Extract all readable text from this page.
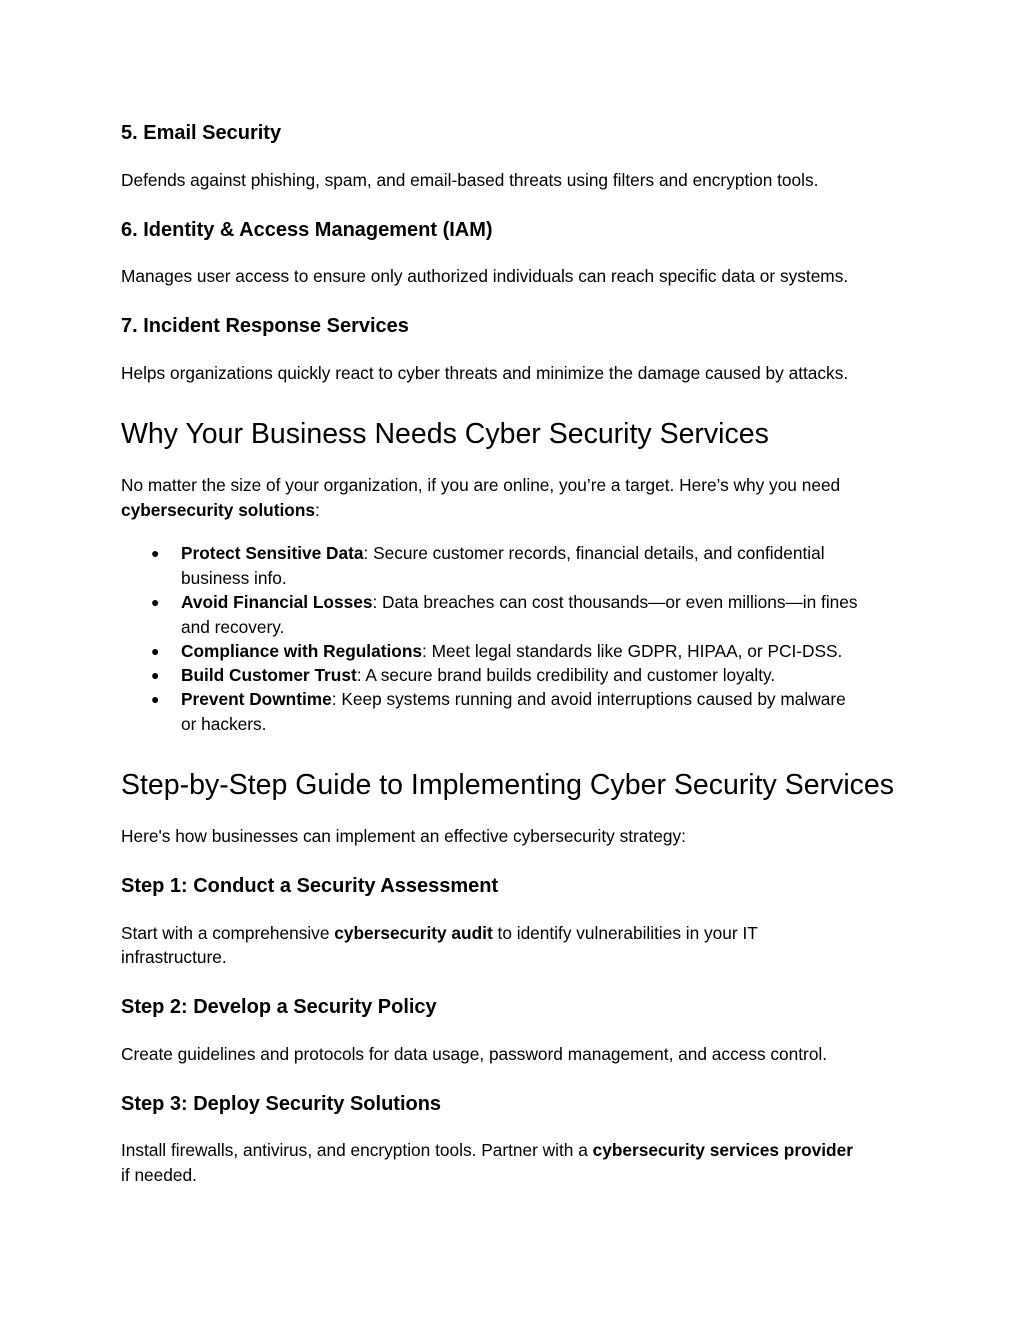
5. Email Security

Defends against phishing, spam, and email-based threats using filters and encryption tools.

6. Identity & Access Management (IAM)

Manages user access to ensure only authorized individuals can reach specific data or systems.

7. Incident Response Services

Helps organizations quickly react to cyber threats and minimize the damage caused by attacks.

Why Your Business Needs Cyber Security Services

No matter the size of your organization, if you are online, you’re a target. Here’s why you need

cybersecurity solutions:

● Protect Sensitive Data: Secure customer records, financial details, and confidential
business info.
● Avoid Financial Losses: Data breaches can cost thousands—or even millions—in fines
and recovery.
● Compliance with Regulations: Meet legal standards like GDPR, HIPAA, or PCI-DSS.
● Build Customer Trust: A secure brand builds credibility and customer loyalty.
● Prevent Downtime: Keep systems running and avoid interruptions caused by malware
or hackers.
Step-by-Step Guide to Implementing Cyber Security Services

Here's how businesses can implement an effective cybersecurity strategy:

Step 1: Conduct a Security Assessment

Start with a comprehensive cybersecurity audit to identify vulnerabilities in your IT

infrastructure.

Step 2: Develop a Security Policy

Create guidelines and protocols for data usage, password management, and access control.

Step 3: Deploy Security Solutions

Install firewalls, antivirus, and encryption tools. Partner with a cybersecurity services provider

if needed.
